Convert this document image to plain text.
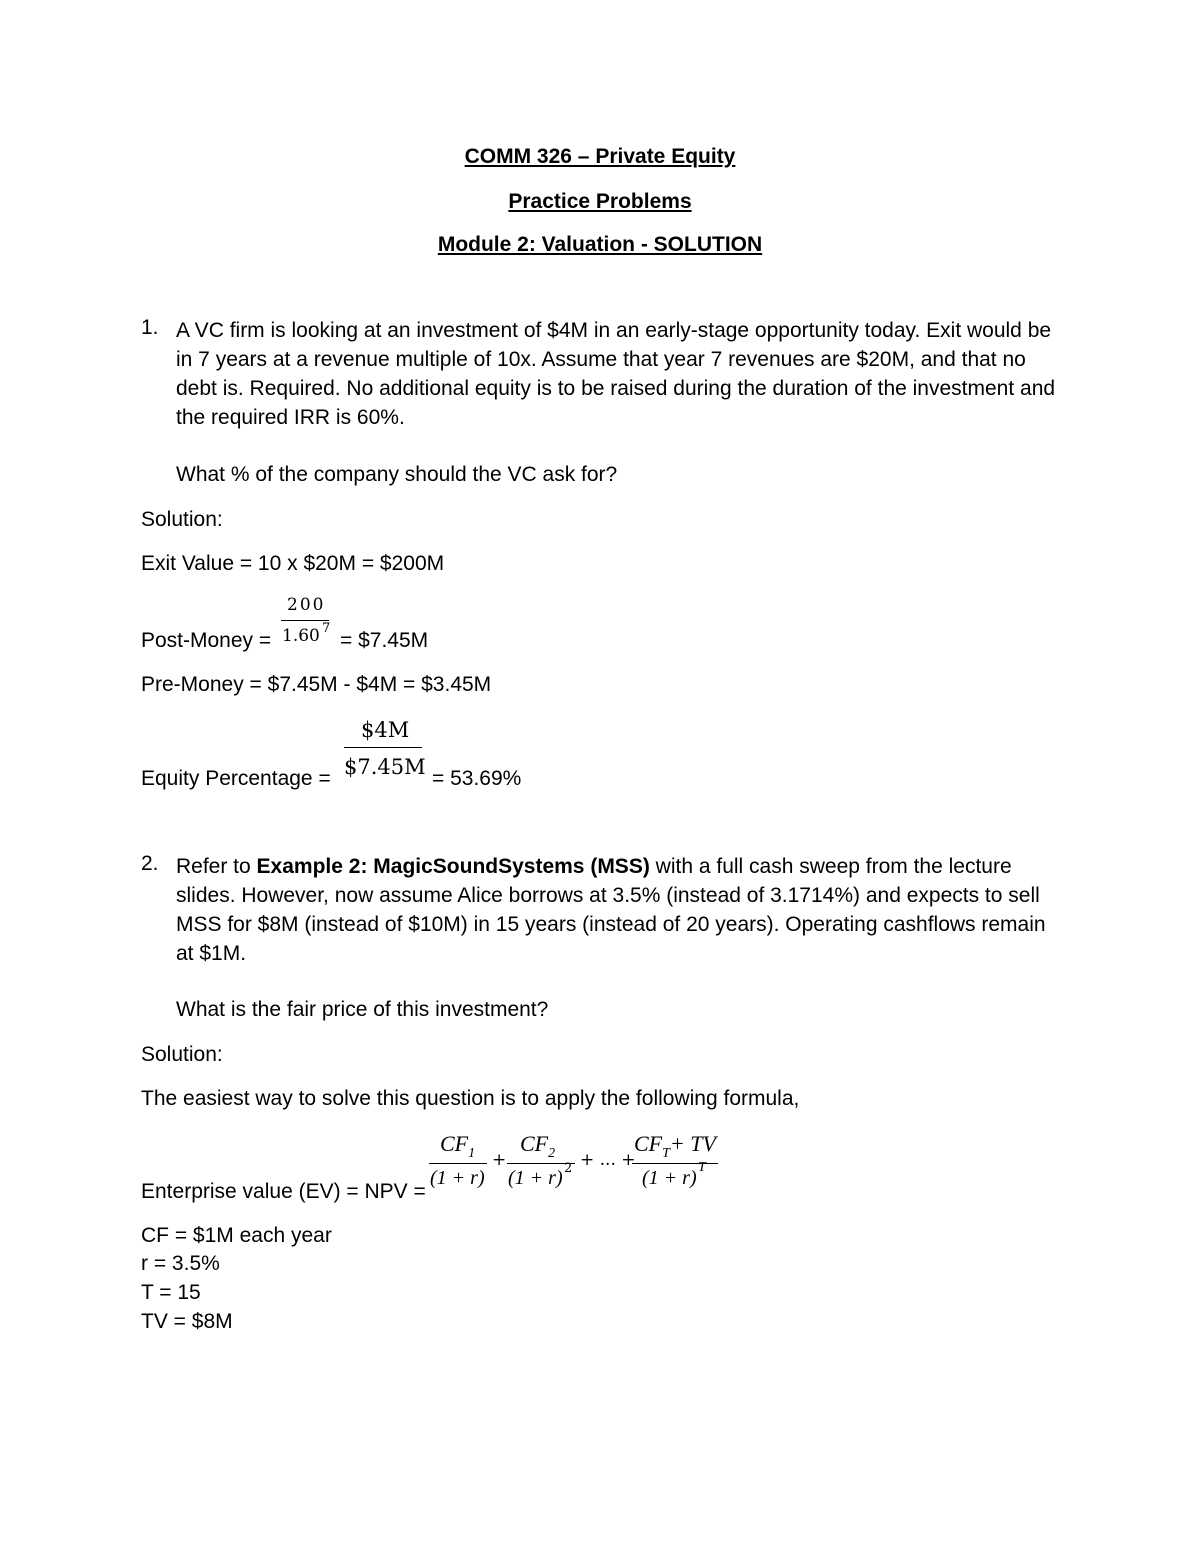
COMM 326 – Private Equity
Practice Problems
Module 2: Valuation - SOLUTION
1. A VC firm is looking at an investment of $4M in an early-stage opportunity today. Exit would be in 7 years at a revenue multiple of 10x. Assume that year 7 revenues are $20M, and that no debt is. Required. No additional equity is to be raised during the duration of the investment and the required IRR is 60%.
What % of the company should the VC ask for?
Solution:
Exit Value = 10 x $20M = $200M
Post-Money =
200
1.60 7
= $7.45M
Pre-Money = $7.45M - $4M = $3.45M
Equity Percentage =
$4M
$7.45M = 53.69%
2. Refer to Example 2: MagicSoundSystems (MSS) with a full cash sweep from the lecture slides. However, now assume Alice borrows at 3.5% (instead of 3.1714%) and expects to sell MSS for $8M (instead of $10M) in 15 years (instead of 20 years). Operating cashflows remain at $1M.
What is the fair price of this investment?
Solution:
The easiest way to solve this question is to apply the following formula,
Enterprise value (EV) = NPV =
$CF_1$
(1 + r)
+
$CF_2$
(1 + r) 2 + ... +
$CF_T+$ TV
(1 + r) T
CF = $1M each year
r = 3.5%
T = 15
TV = $8M
